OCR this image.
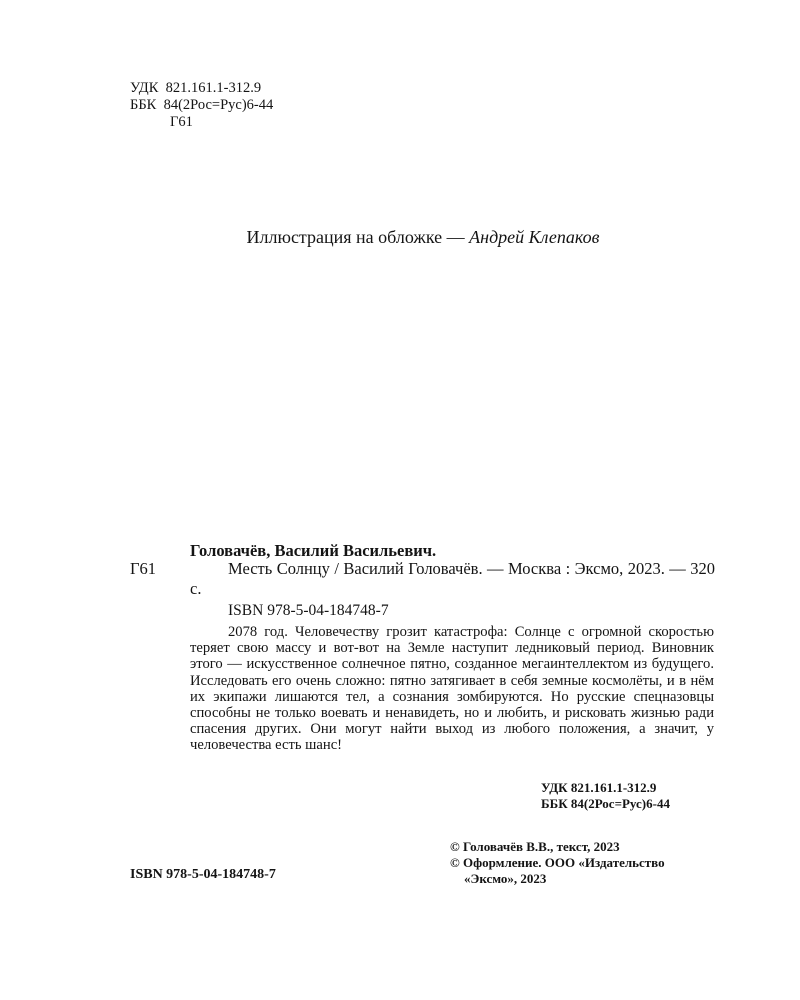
УДК  821.161.1-312.9
ББК  84(2Рос=Рус)6-44
Г61
Иллюстрация на обложке — Андрей Клепаков
Головачёв, Василий Васильевич.
Г61	Месть Солнцу / Василий Головачёв. — Москва : Эксмо, 2023. — 320 с.
ISBN 978-5-04-184748-7
2078 год. Человечеству грозит катастрофа: Солнце с огромной скоростью теряет свою массу и вот-вот на Земле наступит ледниковый период. Виновник этого — искусственное солнечное пятно, созданное мегаинтеллектом из будущего. Исследовать его очень сложно: пятно затягивает в себя земные космолёты, и в нём их экипажи лишаются тел, а сознания зомбируются. Но русские спецназовцы способны не только воевать и ненавидеть, но и любить, и рисковать жизнью ради спасения других. Они могут найти выход из любого положения, а значит, у человечества есть шанс!
УДК 821.161.1-312.9
ББК 84(2Рос=Рус)6-44
ISBN 978-5-04-184748-7
© Головачёв В.В., текст, 2023
© Оформление. ООО «Издательство
«Эксмо», 2023
